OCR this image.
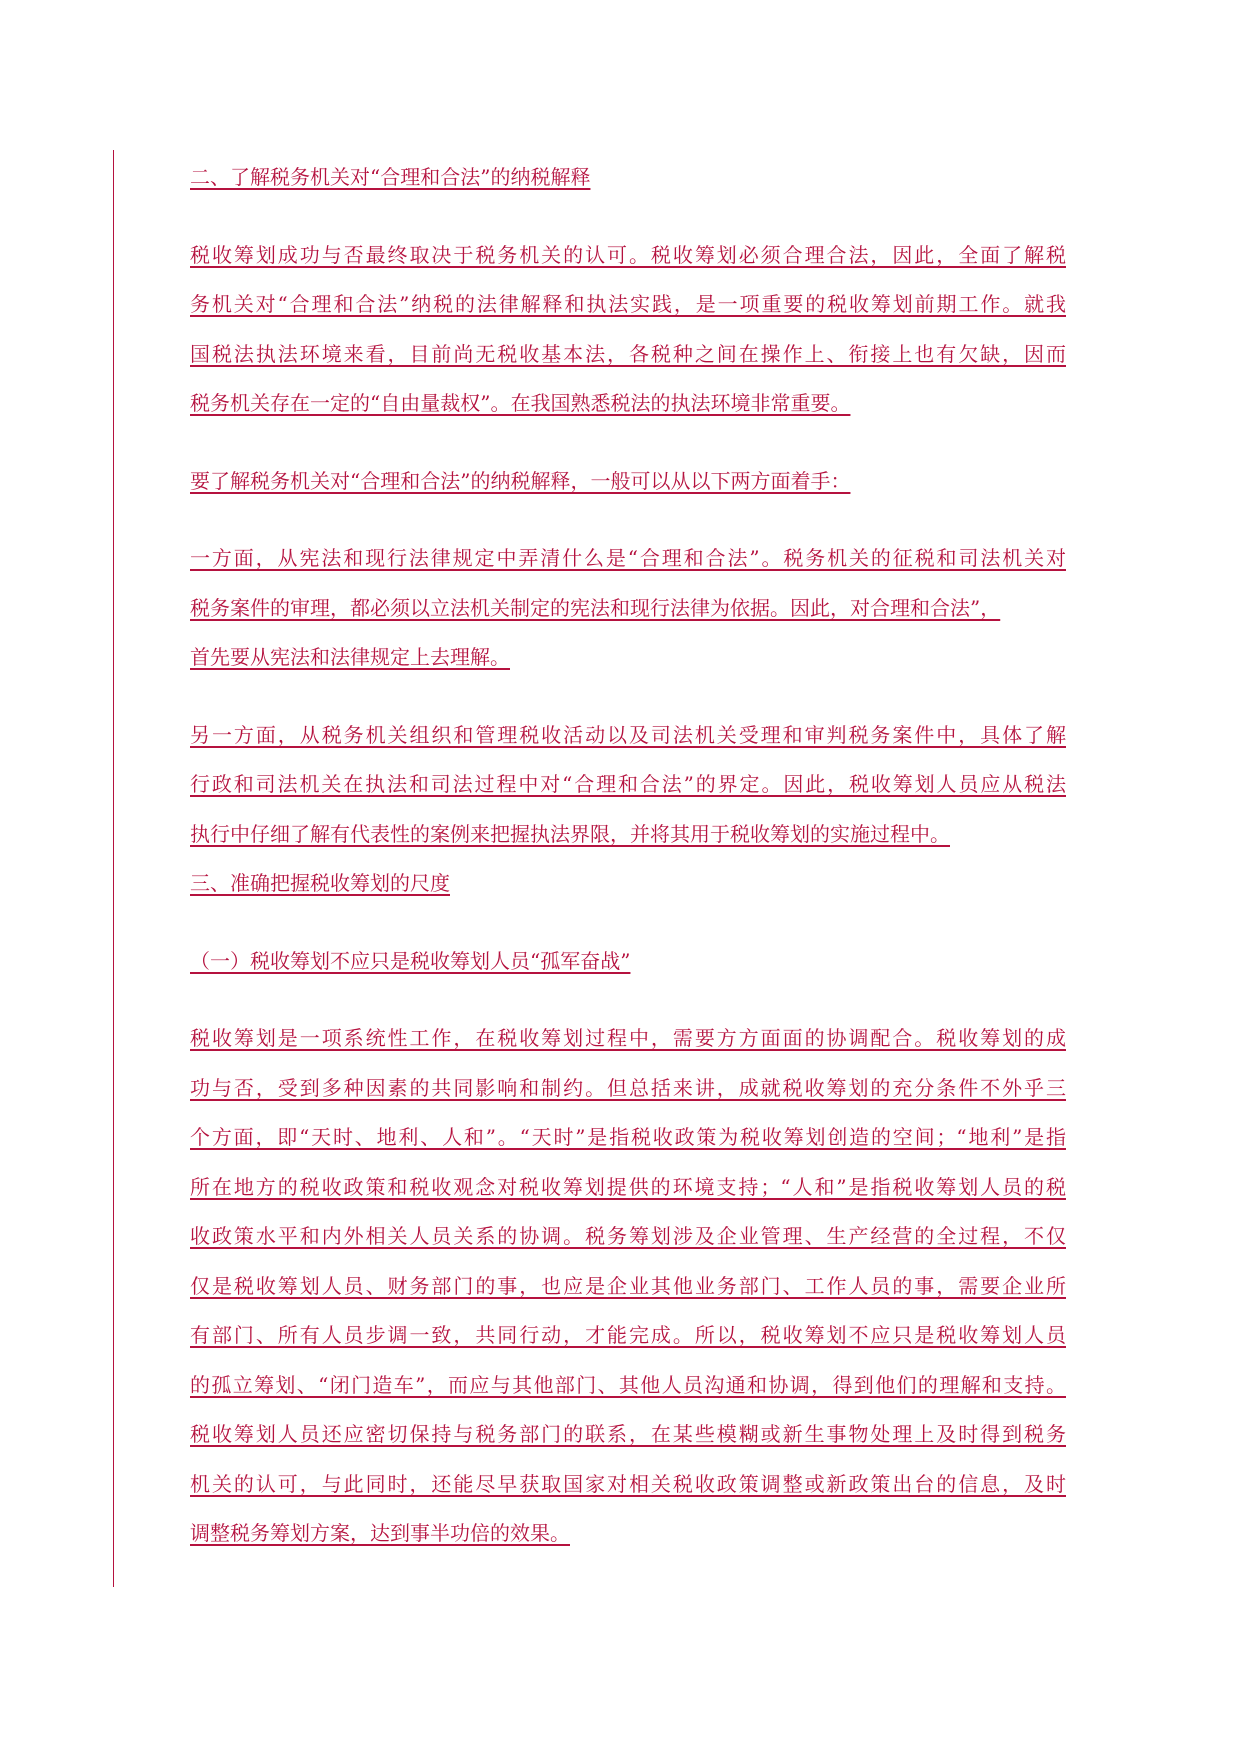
二、了解税务机关对“合理和合法”的纳税解释
税收筹划成功与否最终取决于税务机关的认可。税收筹划必须合理合法，因此，全面了解税
务机关对“合理和合法”纳税的法律解释和执法实践，是一项重要的税收筹划前期工作。就我
国税法执法环境来看，目前尚无税收基本法，各税种之间在操作上、衔接上也有欠缺，因而
税务机关存在一定的“自由量裁权”。在我国熟悉税法的执法环境非常重要。
要了解税务机关对“合理和合法”的纳税解释，一般可以从以下两方面着手：
一方面，从宪法和现行法律规定中弄清什么是“合理和合法”。税务机关的征税和司法机关对
税务案件的审理，都必须以立法机关制定的宪法和现行法律为依据。因此，对合理和合法”，
首先要从宪法和法律规定上去理解。
另一方面，从税务机关组织和管理税收活动以及司法机关受理和审判税务案件中，具体了解
行政和司法机关在执法和司法过程中对“合理和合法”的界定。因此，税收筹划人员应从税法
执行中仔细了解有代表性的案例来把握执法界限，并将其用于税收筹划的实施过程中。
三、准确把握税收筹划的尺度
（一）税收筹划不应只是税收筹划人员“孤军奋战”
税收筹划是一项系统性工作，在税收筹划过程中，需要方方面面的协调配合。税收筹划的成
功与否，受到多种因素的共同影响和制约。但总括来讲，成就税收筹划的充分条件不外乎三
个方面，即“天时、地利、人和”。“天时”是指税收政策为税收筹划创造的空间；“地利”是指
所在地方的税收政策和税收观念对税收筹划提供的环境支持；“人和”是指税收筹划人员的税
收政策水平和内外相关人员关系的协调。税务筹划涉及企业管理、生产经营的全过程，不仅
仅是税收筹划人员、财务部门的事，也应是企业其他业务部门、工作人员的事，需要企业所
有部门、所有人员步调一致，共同行动，才能完成。所以，税收筹划不应只是税收筹划人员
的孤立筹划、“闭门造车”，而应与其他部门、其他人员沟通和协调，得到他们的理解和支持。
税收筹划人员还应密切保持与税务部门的联系，在某些模糊或新生事物处理上及时得到税务
机关的认可，与此同时，还能尽早获取国家对相关税收政策调整或新政策出台的信息，及时
调整税务筹划方案，达到事半功倍的效果。
